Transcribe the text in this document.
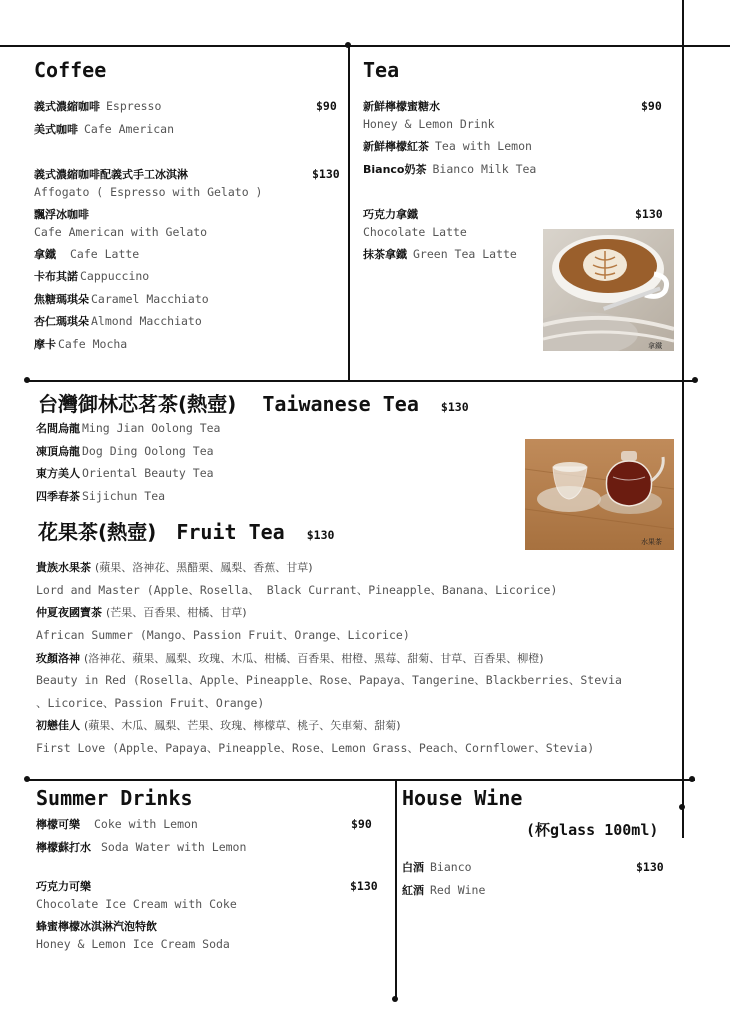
Coffee
義式濃縮咖啡 Espresso	$90
美式咖啡 Cafe American
義式濃縮咖啡配義式手工冰淇淋	$130
Affogato ( Espresso with Gelato )
飄浮冰咖啡
Cafe American with Gelato
拿鐵 Cafe Latte
卡布其諾 Cappuccino
焦糖瑪琪朵 Caramel Macchiato
杏仁瑪琪朵 Almond Macchiato
摩卡 Cafe Mocha
Tea
新鮮檸檬蜜糖水	$90
Honey & Lemon Drink
新鮮檸檬紅茶 Tea with Lemon
Bianco奶茶 Bianco Milk Tea
巧克力拿鐵	$130
Chocolate Latte
抹茶拿鐵 Green Tea Latte
拿鐵
台灣御林芯茗茶(熱壺) Taiwanese Tea $130
名間烏龍 Ming Jian Oolong Tea
凍頂烏龍 Dog Ding Oolong Tea
東方美人 Oriental Beauty Tea
四季春茶 Sijichun Tea
水果茶
花果茶(熱壺) Fruit Tea $130
貴族水果茶 (蘋果、洛神花、黑醋栗、鳳梨、香蕉、甘草)
Lord and Master (Apple、Rosella、 Black Currant、Pineapple、Banana、Licorice)
仲夏夜國寶茶 (芒果、百香果、柑橘、甘草)
African Summer (Mango、Passion Fruit、Orange、Licorice)
玫顏洛神 (洛神花、蘋果、鳳梨、玫瑰、木瓜、柑橘、百香果、柑橙、黑莓、甜菊、甘草、百香果、柳橙)
Beauty in Red (Rosella、Apple、Pineapple、Rose、Papaya、Tangerine、Blackberries、Stevia
、Licorice、Passion Fruit、Orange)
初戀佳人 (蘋果、木瓜、鳳梨、芒果、玫瑰、檸檬草、桃子、矢車菊、甜菊)
First Love (Apple、Papaya、Pineapple、Rose、Lemon Grass、Peach、Cornflower、Stevia)
Summer Drinks
檸檬可樂 Coke with Lemon	$90
檸檬蘇打水 Soda Water with Lemon
巧克力可樂	$130
Chocolate Ice Cream with Coke
蜂蜜檸檬冰淇淋汽泡特飲
Honey & Lemon Ice Cream Soda
House Wine
(杯glass 100ml)
白酒 Bianco	$130
紅酒 Red Wine
